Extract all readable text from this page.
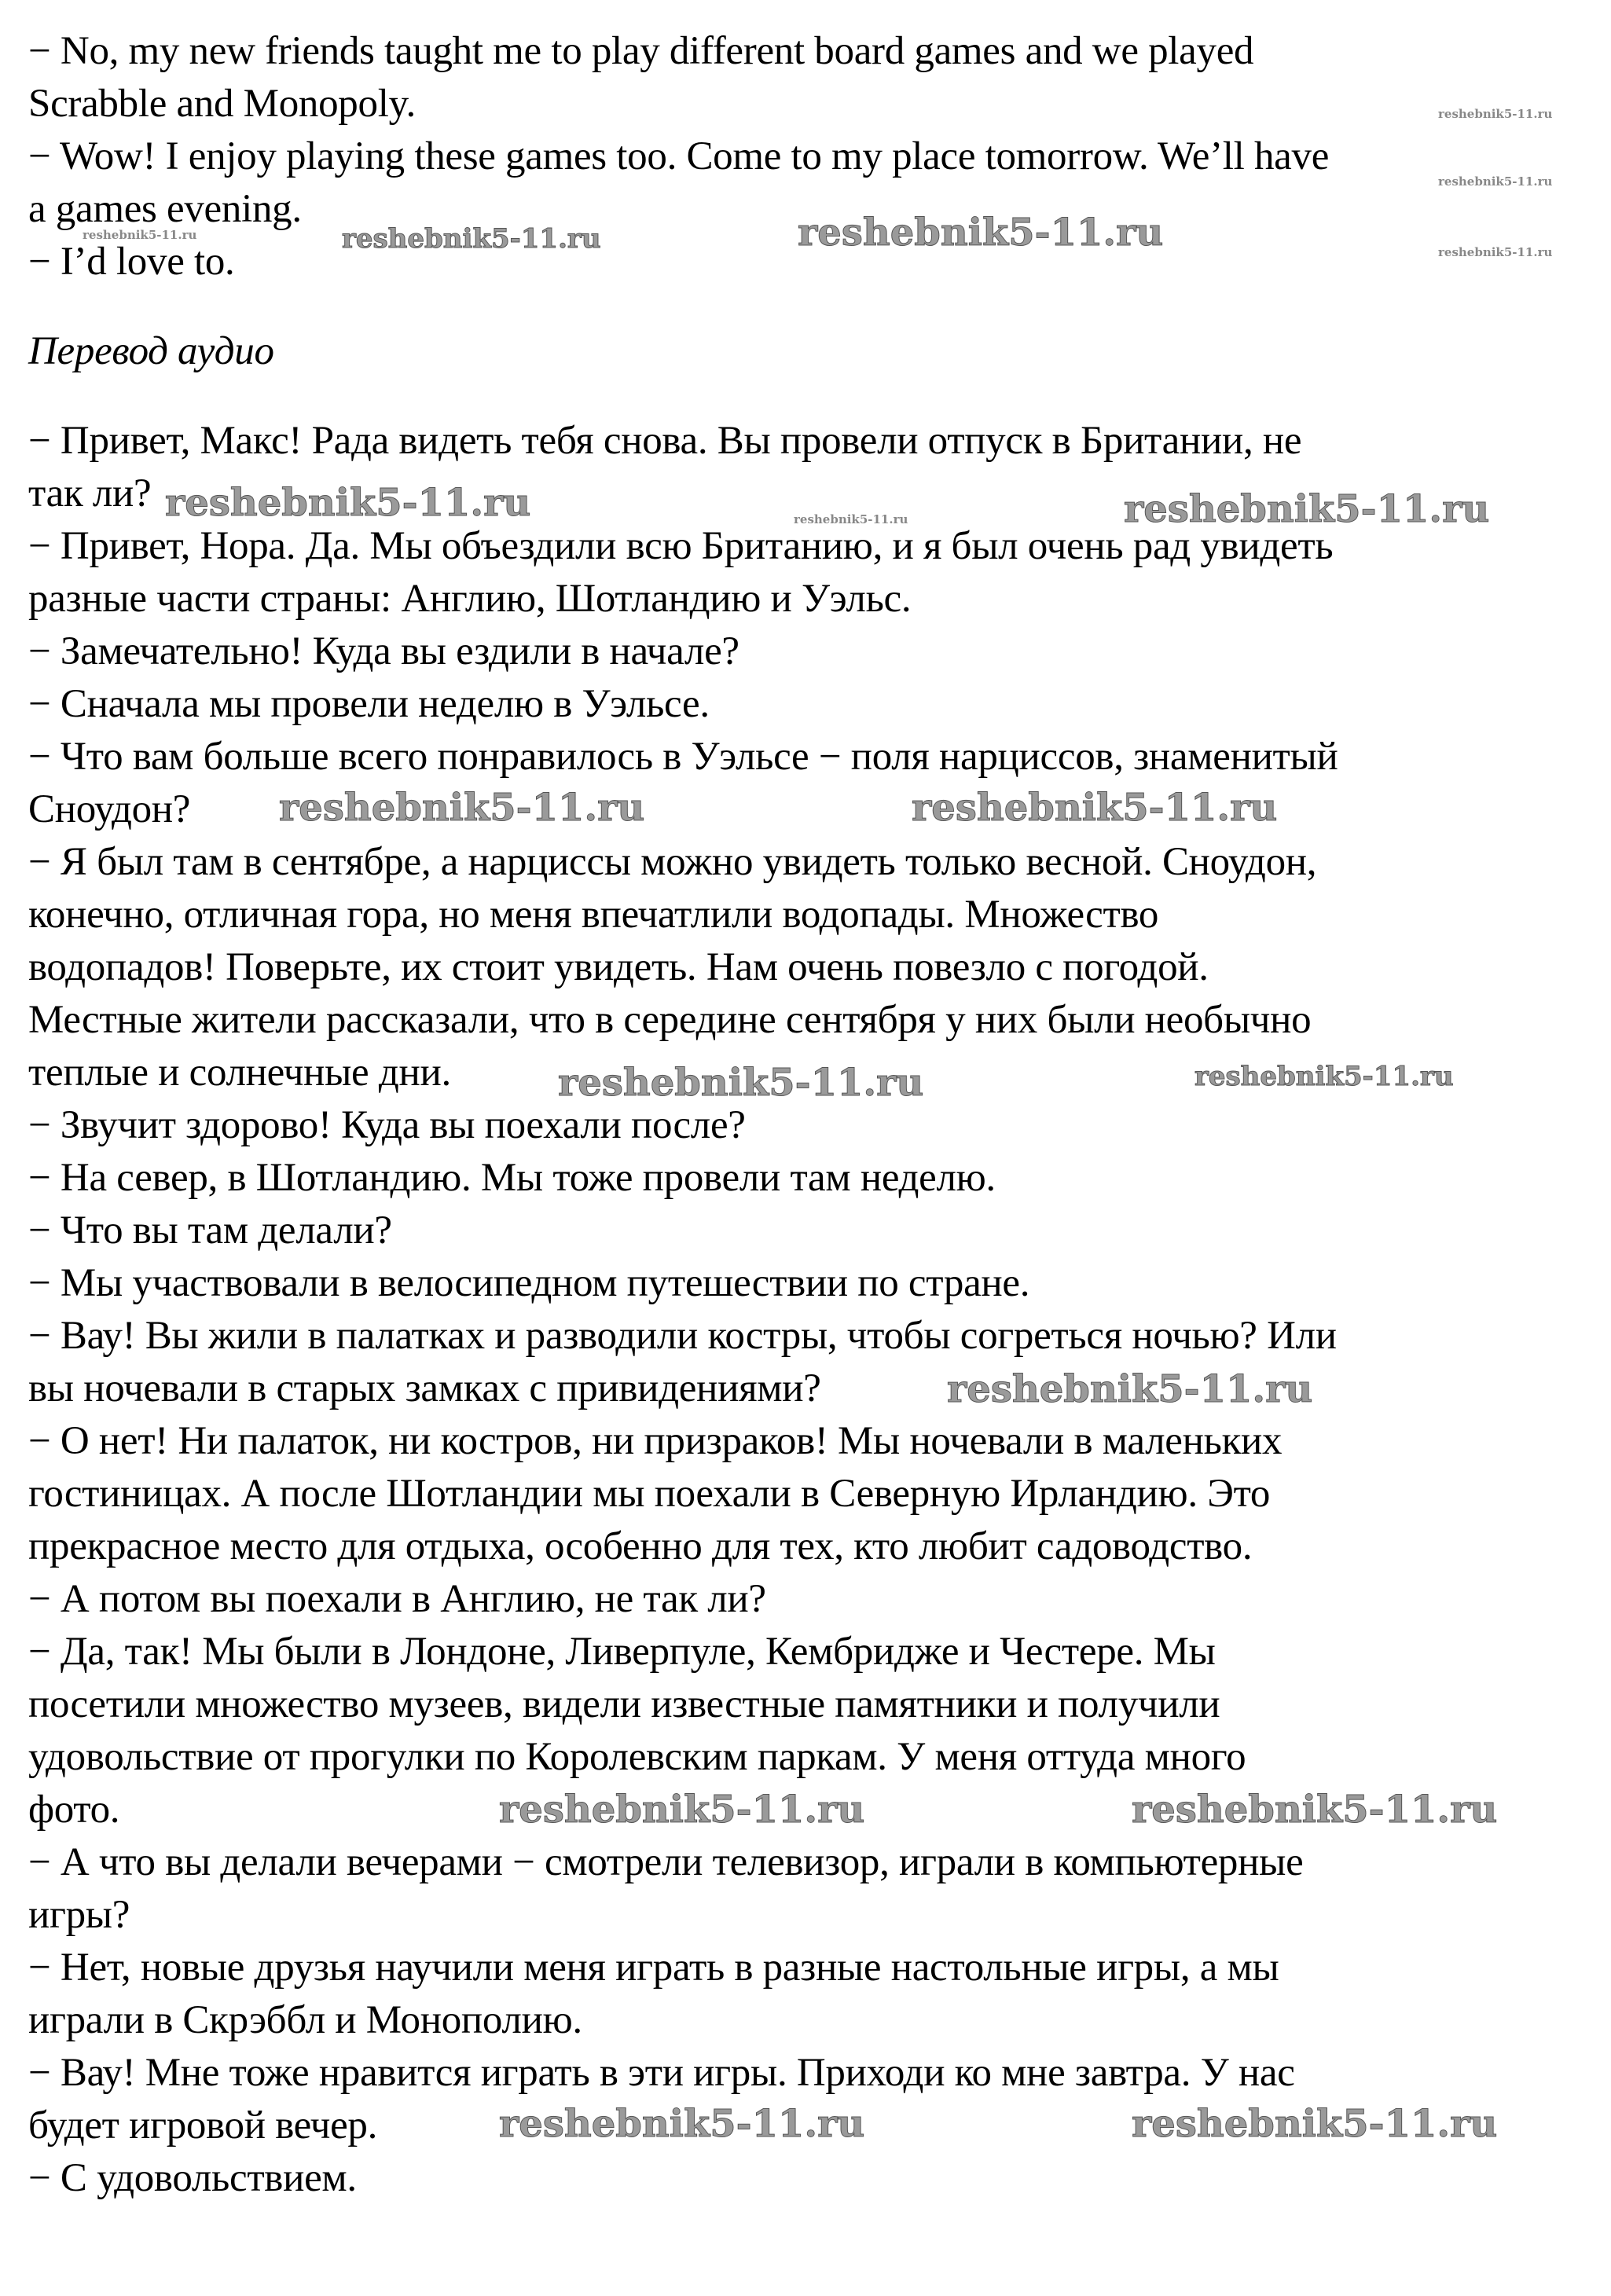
− No, my new friends taught me to play different board games and we played
Scrabble and Monopoly.
− Wow! I enjoy playing these games too. Come to my place tomorrow. We’ll have
a games evening.
− I’d love to.
Перевод аудио
− Привет, Макс! Рада видеть тебя снова. Вы провели отпуск в Британии, не
так ли?
− Привет, Нора. Да. Мы объездили всю Британию, и я был очень рад увидеть
разные части страны: Англию, Шотландию и Уэльс.
− Замечательно! Куда вы ездили в начале?
− Сначала мы провели неделю в Уэльсе.
− Что вам больше всего понравилось в Уэльсе − поля нарциссов, знаменитый
Сноудон?
− Я был там в сентябре, а нарциссы можно увидеть только весной. Сноудон,
конечно, отличная гора, но меня впечатлили водопады. Множество
водопадов! Поверьте, их стоит увидеть. Нам очень повезло с погодой.
Местные жители рассказали, что в середине сентября у них были необычно
теплые и солнечные дни.
− Звучит здорово! Куда вы поехали после?
− На север, в Шотландию. Мы тоже провели там неделю.
− Что вы там делали?
− Мы участвовали в велосипедном путешествии по стране.
− Вау! Вы жили в палатках и разводили костры, чтобы согреться ночью? Или
вы ночевали в старых замках с привидениями?
− О нет! Ни палаток, ни костров, ни призраков! Мы ночевали в маленьких
гостиницах. А после Шотландии мы поехали в Северную Ирландию. Это
прекрасное место для отдыха, особенно для тех, кто любит садоводство.
− А потом вы поехали в Англию, не так ли?
− Да, так! Мы были в Лондоне, Ливерпуле, Кембридже и Честере. Мы
посетили множество музеев, видели известные памятники и получили
удовольствие от прогулки по Королевским паркам. У меня оттуда много
фото.
− А что вы делали вечерами − смотрели телевизор, играли в компьютерные
игры?
− Нет, новые друзья научили меня играть в разные настольные игры, а мы
играли в Скрэббл и Монополию.
− Вау! Мне тоже нравится играть в эти игры. Приходи ко мне завтра. У нас
будет игровой вечер.
− С удовольствием.
reshebnik5-11.ru
reshebnik5-11.ru
reshebnik5-11.ru	reshebnik5-11.ru
reshebnik5-11.ru	reshebnik5-11.ru
reshebnik5-11.ru	reshebnik5-11.ru
reshebnik5-11.ru
reshebnik5-11.ru	reshebnik5-11.ru
reshebnik5-11.ru	reshebnik5-11.ru
reshebnik5-11.ru
reshebnik5-11.ru
reshebnik5-11.ru
reshebnik5-11.ru
reshebnik5-11.ru
